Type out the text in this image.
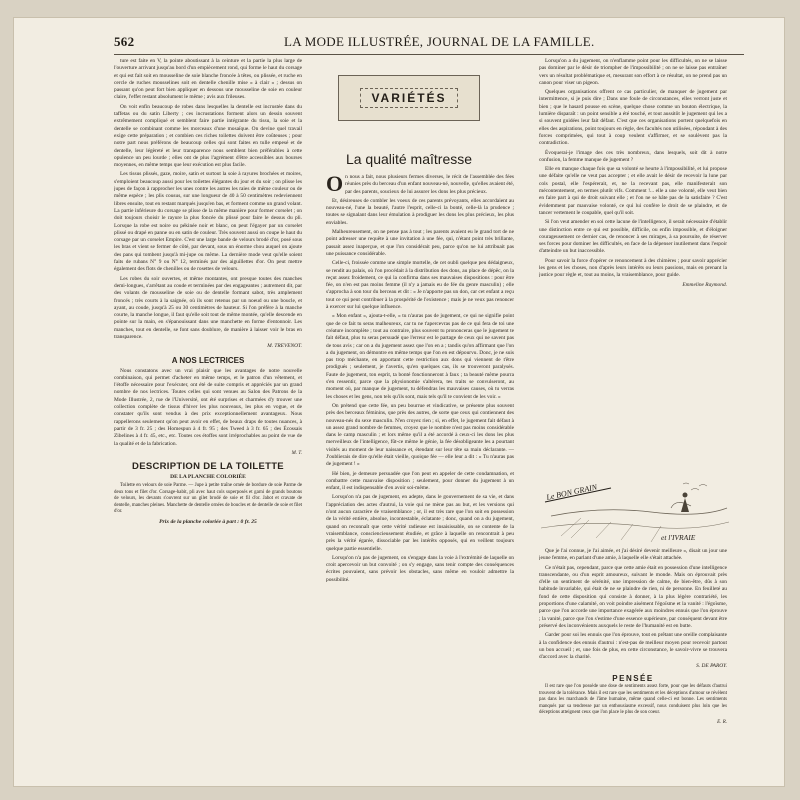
562	LA MODE ILLUSTRÉE, JOURNAL DE LA FAMILLE.

ture est faite en V, la pointe aboutissant à la ceinture et la partie la plus large de l'ouverture arrivant jusqu'au bord d'un empiècement rond, qui forme le haut du corsage et qui est fait soit en mousseline de soie blanche froncée à têtes, ou plissée, et ruche en cercle de ruches mousselines soit en dentelle chenille mise « à clair » ; dessus on passant qu'on peut fort bien appliquer en dessous une mousseline de soie en couleur claire, l'effet restant absolument le même ; avis aux frileuses.

On voit enfin beaucoup de robes dans lesquelles la dentelle est incrustée dans du taffetas ou du satin Liberty ; ces incrustations forment alors un dessin souvent extrêmement compliqué et semblent faire partie intégrante du tissu, la soie et la dentelle se combinant comme les morceaux d'une mosaïque. On devine quel travail exige cette préparation ; et combien ces riches toilettes doivent être coûteuses ; pour notre part nous préférons de beaucoup celles qui sont faites en tulle empesé et de dentelle, leur légèreté et leur transparence nous semblent bien préférables à cette opulence un peu lourde ; elles ont de plus l'agrément d'être accessibles aux bourses moyennes, en même temps que leur exécution est plus facile.

Les tissus plissés, gaze, moire, satin et surtout la soie à rayures brochées et moires, s'emploient beaucoup aussi pour les toilettes élégantes du jour et du soir ; on plisse les jupes de façon à rapprocher les unes contre les autres les raies de même couleur ou de même espèce ; les plis cousus, sur une longueur de 40 à 50 centimètres redeviennent libres ensuite, tout en restant marqués jusqu'en bas, et forment comme un grand volant. La partie inférieure du corsage se plisse de la même manière pour former corselet ; on doit toujours choisir le rayure la plus foncée du plissé pour faire le dessus du pli. Lorsque la robe est noire ou pékinée noir et blanc, on peut l'égayer par un corselet plissé ou drapé en panne ou en satin de couleur. Très souvent aussi on coupe le haut du corsage par un corselet Empire. C'est une large bande de velours brodé d'or, posé sous les bras et vient se fermer de côté, par devant, sous un énorme chou auquel on ajoute des pans qui tombent jusqu'à mi-jupe ou même. La dernière mode veut qu'elle soient faits de rubans N° 9 ou N° 12, terminés par des aiguillettes d'or. On peut mettre également des flots de chenilles ou de rosettes de velours.

Les robes du soir ouvertes, et même montantes, ont presque toutes des manches demi-longues, s'arrêtant au coude et terminées par des engageantes ; autrement dit, par des volants de mousseline de soie ou de dentelle formant sabot, très amplement froncés ; très courts à la saignée, où ils sont retenus par un noeud ou une boucle, et ayant, au coude, jusqu'à 25 ou 30 centimètres de hauteur. Si l'on préfère à la manche courte, la manche longue, il faut qu'elle soit tout de même montée, qu'elle descende en pointe sur la main, en s'épanouissant dans une manchette en forme d'entonnoir. Les manches, tout en dentelle, se font sans doublure, de manière à laisser voir le bras en transparence.

M. TREVENOT.
A NOS LECTRICES

Nous constatons avec un vrai plaisir que les avantages de notre nouvelle combinaison, qui permet d'acheter en même temps, et le patron d'un vêtement, et l'étoffe nécessaire pour l'exécuter, ont été de suite compris et appréciés par un grand nombre de nos lectrices. Toutes celles qui sont venues au Salon des Patrons de la Mode Illustrée, 2, rue de l'Université, ont été surprises et charmées d'y trouver une collection complète de tissus d'hiver les plus nouveaux, les plus en vogue, et de constater qu'ils sont vendus à des prix exceptionnellement avantageux. Nous rappellerons seulement qu'on peut avoir en effet, de beaux draps de toutes nuances, à partir de 3 fr. 25 ; des Homespun à 4 fr. 95 ; des Tweed à 3 fr. 65 ; des Écossais Zibelines à 4 fr. 45, etc., etc. Toutes ces étoffes sont irréprochables au point de vue de la qualité et de la fabrication.

M. T.
DESCRIPTION DE LA TOILETTE
DE LA PLANCHE COLORIÉE

Toilette en velours de soie Parme. — Jupe à petite traîne ornée de bordure de soie Parme de deux tons et filet d'or. Corsage-habit, pli avec haut cols superposés et garni de grands boutons de velours, les devants s'ouvrent sur un gilet brodé de soie et fil d'or. Jabot et cravate de dentelle, manches pleines. Manchette de dentelle ornées de boucles et de dentelle de soie et filet d'or.

Prix de la planche coloriée à part : 0 fr. 25
VARIÉTÉS
La qualité maîtresse

On nous a fait, nous plusieurs fermes diverses, le récit de l'assemblée des fées réunies près du berceau d'un enfant nouveau-né, nouvelle, qu'elles avaient été, par des parents, soucieux de lui assurer les dons les plus précieux.

Et, désireuses de combler les voeux de ces parents prévoyants, elles accordaient au nouveau-né, l'une la beauté, l'autre l'esprit, celle-ci la bonté, celle-là la prudence ; toutes se signalant dans leur émulation à prodiguer les dons les plus précieux, les plus enviables.

Malheureusement, on ne pense pas à tout ; les parents avaient eu le grand tort de ne point adresser une requête à une invitation à une fée, qui, n'étant point très brillante, passait assez inaperçue, et que l'on considérait peu, parce qu'on ne lui attribuait pas une puissance considérable.

Celle-ci, froissée comme une simple mortelle, de cet oubli quelque peu dédaigneux, se rendit au palais, où l'on procédait à la distribution des dons, au place de dépêc, on la reçut assez froidement, ce qui la confirma dans ses mauvaises dispositions : pour être fée, on n'en est pas moins femme (il n'y a jamais eu de fée du genre masculin) ; elle s'approcha à son tour du berceau et dit : « Je n'apporte pas un don, car cet enfant a reçu tout ce qui peut contribuer à la prospérité de l'existence ; mais je ne veux pas renoncer à exercer sur lui quelque influence.

« Mon enfant », ajouta-t-elle, « tu n'auras pas de jugement, ce qui ne signifie point que de ce fait tu seras malheureux, car tu ne t'apercevras pas de ce qui fera de toi une créature incomplète ; tout au contraire, plus souvent tu prononceras que le jugement te fait défaut, plus tu seras persuadé que l'erreur est le partage de ceux qui ne savent pas de tous avis ; car on a du jugement assez que l'on en a ; tandis qu'on affirmant que l'on a du jugement, on démontre en même temps que l'on en est dépourvu. Donc, je ne suis pas trop méchante, en apportant cette restriction aux dons qui viennent de t'être prodigués ; seulement, je t'avertis, qu'en quelques cas, ils se trouveront paralysés. Faute de jugement, ton esprit, ta bonté fonctionneront à faux ; ta beauté même pourra s'en ressentir, parce que la physionomie s'altérera, tes traits se convulseront, au moment où, par manque de jugement, tu défendras les mauvaises causes, où tu verras les choses et les gens, non tels qu'ils sont, mais tels qu'il te convient de les voir. »

On prétend que cette fée, un peu bourrue et vindicative, se présente plus souvent près des berceaux féminins, que près des autres, de sorte que ceux qui contiennent des nouveau-nés du sexe masculin. N'en croyez rien ; si, en effet, le jugement fait défaut à un assez grand nombre de femmes, croyez que le nombre n'est pas moins considérable dans le camp masculin ; et lors même qu'il a été accordé à ceux-ci les dons les plus merveilleux de l'intelligence, fût-ce même le génie, la fée désobligeante les a pourtant visités au moment de leur naissance et, étendant sur leur tête sa main déclarante. — J'oublierais de dire qu'elle était vieille, quoique fée — elle leur a dit : « Tu n'auras pas de jugement ! »

Hé bien, je demeure persuadée que l'on peut en appeler de cette condamnation, et combattre cette mauvaise disposition ; seulement, pour donner du jugement à un enfant, il est indispensable d'en avoir soi-même.

Lorsqu'on n'a pas de jugement, en adepte, dans le gouvernement de sa vie, et dans l'appréciation des actes d'autrui, la voie qui ne mène pas au but, et les versions qui n'ont aucun caractère de vraisemblance ; or, il est très rare que l'on soit en possession de la vérité entière, absolue, incontestable, éclatante ; donc, quand on a du jugement, quand on reconnaît que cette vérité radieuse est insaisissable, on se contente de la vraisemblance, consciencieusement étudiée, et grâce à laquelle on rencontrait à peu près la vérité égarée, dissociable par les intérêts opposés, qui en veillent toujours quelque partie essentielle.

Lorsqu'on n'a pas de jugement, on s'engage dans la voie à l'extrémité de laquelle on croit apercevoir un but convoité ; on s'y engage, sans tenir compte des conséquences écrites pouvaient, sans prévoir les obstacles, sans même en vouloir admettre la possibilité.

Lorsqu'on a du jugement, on n'enflamme point pour les difficultés, on ne se laisse pas dominer par le désir de triompher de l'impossibilité ; on ne se laisse pas entraîner vers un résultat problématique et, mesurant son effort à ce résultat, on ne prend pas un canon pour viser un pigeon.

Quelques organisations offrent ce cas particulier, de manquer de jugement par intermittence, si je puis dire ; Dans une foule de circonstances, elles verront juste et bien ; que le hasard pousse en scène, quelque chose comme un bouton électrique, la lumière disparaît : un point sensible a été touché, et tout aussitôt le jugement qui les a si souvent guidées leur fait défaut. C'est que ces organisations portent quelquefois en elles des aspirations, point toujours en règle, des facultés non utilisées, répondant à des forces comprimées, qui tout à coup veulent s'affirmer, et se soulèvent pas la contradiction.

Évoquerai-je l'image des ces très nombreux, dans lesquels, soit dit à notre confusion, la femme manque de jugement ?

Elle en manque chaque fois que sa volonté se heurte à l'impossibilité, et lui propose une défaite qu'elle ne veut pas accepter ; et elle avait le désir de recevoir la lune par cols postal, elle l'espérerait, et, ne la recevant pas, elle manifesterait son mécontentement, en termes plutôt vifs. Comment !... elle a une volonté, elle veut bien en faire part à qui de droit suivant elle ; et l'on ne se hâte pas de la satisfaire ? C'est évidemment par mauvaise volonté, ce qui lui confère le droit de se plaindre, et de tancer vertement le coupable, quel qu'il soit.

Si l'on veut amender en soi cette lacune de l'intelligence, il serait nécessaire d'établir une distinction entre ce qui est possible, difficile, ou enfin impossible, et d'éloigner courageusement ce dernier cas, de renoncer à ses mirages, à sa poursuite, de réserver ses forces pour dominer les difficultés, en face de la dépenser inutilement dans l'espoir d'atteindre un but inaccessible.

Pour savoir la force d'opérer ce renoncement à des chimères ; pour savoir apprécier les gens et les choses, non d'après leurs intérêts ou leurs passions, mais en prenant la justice pour règle et, tout au moins, la vraisemblance, pour guide.

Emmeline Raymond.
Le BON GRAIN
et l'IVRAIE

Que je l'ai connue, je l'ai aimée, et j'ai désiré devenir meilleure », disait un jour une jeune femme, en parlant d'une amie, à laquelle elle s'était attachée.

Ce n'était pas, cependant, parce que cette amie était en possession d'une intelligence transcendante, ou d'un esprit amoureux, suivant le monde. Mais on éprouvait près d'elle un sentiment de sérénité, une impression de calme, de bien-être, dûs à son habitude invariable, qui était de ne se plaindre de rien, ni de personne. En feuilleté au fond de cette disposition qui consiste à donner, à la plus légère contrariété, les proportions d'une calamité, on voit poindre aisément l'égoïsme et la vanité : l'égoïsme, parce que l'on accorde une importance exagérée aux moindres ennuis que l'on éprouve ; la vanité, parce que l'on s'estime d'une essence supérieure, par conséquent devant être préservé des inconvénients auxquels le reste de l'humanité est en butte.

Garder pour soi les ennuis que l'on éprouve, tout en prêtant une oreille complaisante à la confidence des ennuis d'autrui : n'est-pas de meilleur moyen pour recevoir partout un bon accueil ; et, une fois de plus, en cette circonstance, le savoir-vivre se trouvera d'accord avec la charité.

S. DE PAROY.
PENSÉE

Il est rare que l'on possède une dose de sentiments assez forte, pour que les défauts d'autrui trouvent de la tolérance. Mais il est rare que les sentiments et les déceptions d'amour se révèlent pas dans les marchands de l'âme humaine, même quand celle-ci est bonne. Les sentiments manqués par sa tendresse par un enthousiasme excessif, nous conduisent plus loin que les déceptions atteignent ceux que l'on place le plus de son coeur.

E. R.
